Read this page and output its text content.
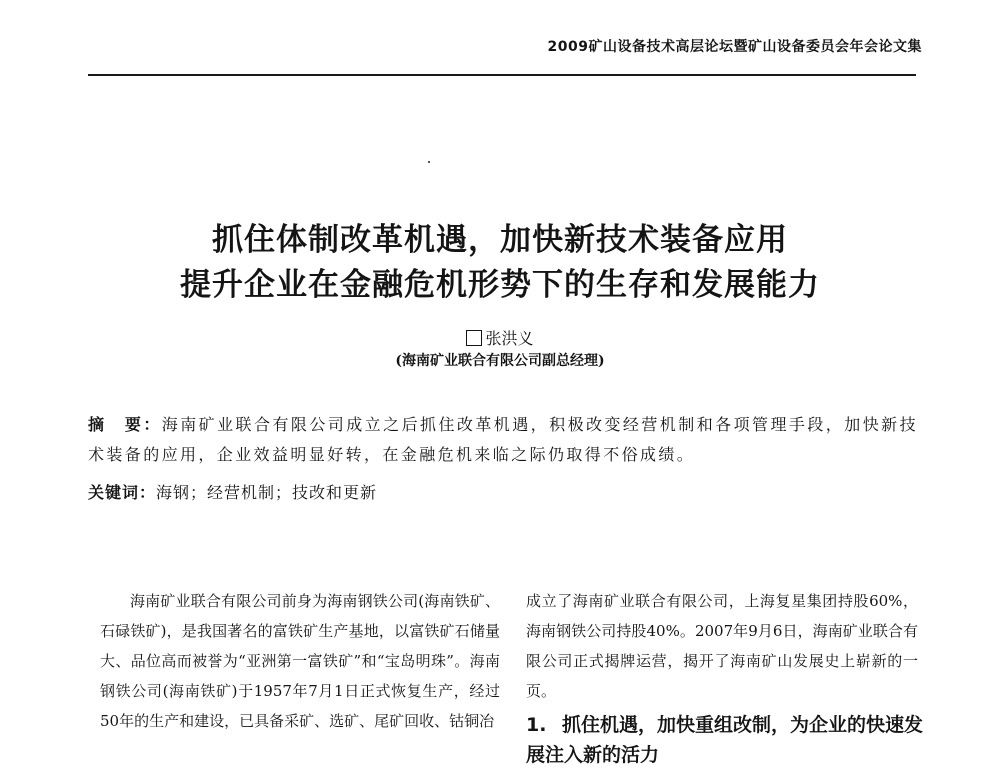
2009矿山设备技术高层论坛暨矿山设备委员会年会论文集
抓住体制改革机遇，加快新技术装备应用
提升企业在金融危机形势下的生存和发展能力
张洪义
(海南矿业联合有限公司副总经理)
摘　要：海南矿业联合有限公司成立之后抓住改革机遇，积极改变经营机制和各项管理手段，加快新技术装备的应用，企业效益明显好转，在金融危机来临之际仍取得不俗成绩。
关键词：海钢；经营机制；技改和更新
海南矿业联合有限公司前身为海南钢铁公司(海南铁矿、石碌铁矿)，是我国著名的富铁矿生产基地，以富铁矿石储量大、品位高而被誉为“亚洲第一富铁矿”和“宝岛明珠”。海南钢铁公司(海南铁矿)于1957年7月1日正式恢复生产，经过50年的生产和建设，已具备采矿、选矿、尾矿回收、钴铜冶
成立了海南矿业联合有限公司，上海复星集团持股60%，海南钢铁公司持股40%。2007年9月6日，海南矿业联合有限公司正式揭牌运营，揭开了海南矿山发展史上崭新的一页。
1. 抓住机遇，加快重组改制，为企业的快速发展注入新的活力
